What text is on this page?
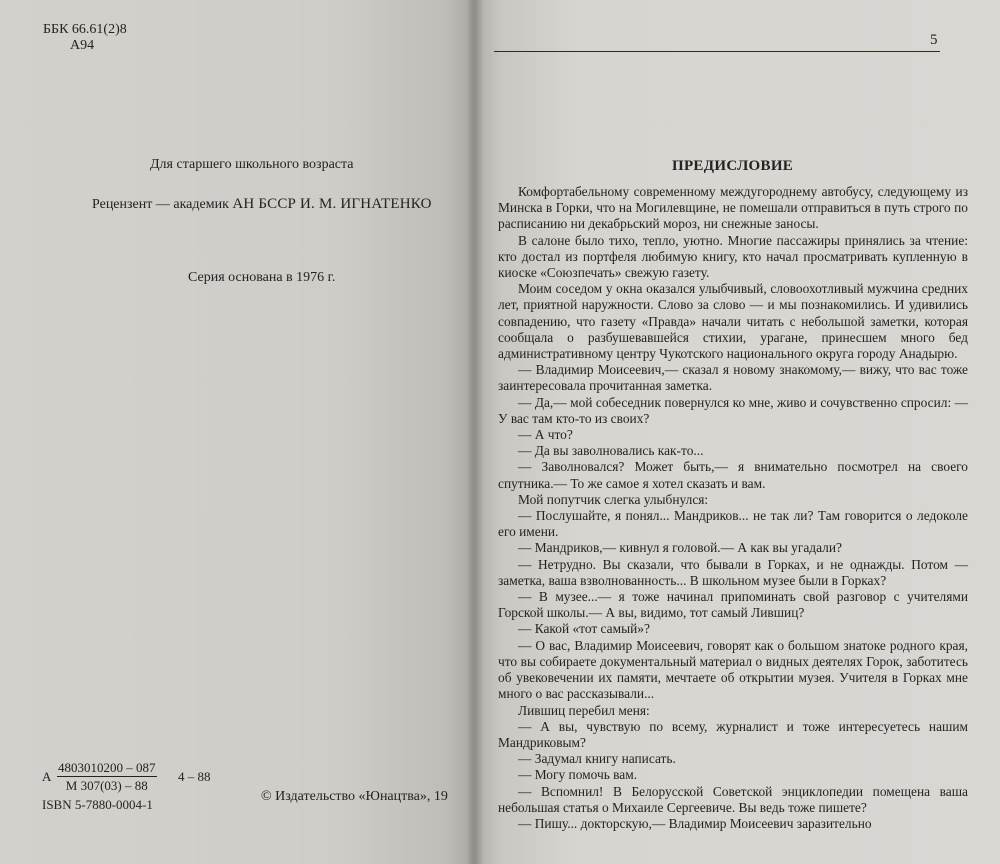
ББК 66.61(2)8
А94
Для старшего школьного возраста
Рецензент — академик АН БССР И. М. ИГНАТЕНКО
Серия основана в 1976 г.
А
4803010200 – 087
М 307(03) – 88
4 – 88
ISBN 5-7880-0004-1
© Издательство «Юнацтва», 19
5
ПРЕДИСЛОВИЕ

Комфортабельному современному междугороднему автобусу, следующему из Минска в Горки, что на Могилевщине, не помешали отправиться в путь строго по расписанию ни декабрьский мороз, ни снежные заносы.

В салоне было тихо, тепло, уютно. Многие пассажиры принялись за чтение: кто достал из портфеля любимую книгу, кто начал просматривать купленную в киоске «Союзпечать» свежую газету.

Моим соседом у окна оказался улыбчивый, словоохотливый мужчина средних лет, приятной наружности. Слово за слово — и мы познакомились. И удивились совпадению, что газету «Правда» начали читать с небольшой заметки, которая сообщала о разбушевавшейся стихии, урагане, принесшем много бед административному центру Чукотского национального округа городу Анадырю.

— Владимир Моисеевич,— сказал я новому знакомому,— вижу, что вас тоже заинтересовала прочитанная заметка.

— Да,— мой собеседник повернулся ко мне, живо и сочувственно спросил: — У вас там кто-то из своих?

— А что?

— Да вы заволновались как-то...

— Заволновался? Может быть,— я внимательно посмотрел на своего спутника.— То же самое я хотел сказать и вам.

Мой попутчик слегка улыбнулся:

— Послушайте, я понял... Мандриков... не так ли? Там говорится о ледоколе его имени.

— Мандриков,— кивнул я головой.— А как вы угадали?

— Нетрудно. Вы сказали, что бывали в Горках, и не однажды. Потом — заметка, ваша взволнованность... В школьном музее были в Горках?

— В музее...— я тоже начинал припоминать свой разговор с учителями Горской школы.— А вы, видимо, тот самый Лившиц?

— Какой «тот самый»?

— О вас, Владимир Моисеевич, говорят как о большом знатоке родного края, что вы собираете документальный материал о видных деятелях Горок, заботитесь об увековечении их памяти, мечтаете об открытии музея. Учителя в Горках мне много о вас рассказывали...

Лившиц перебил меня:

— А вы, чувствую по всему, журналист и тоже интересуетесь нашим Мандриковым?

— Задумал книгу написать.

— Могу помочь вам.

— Вспомнил! В Белорусской Советской энциклопедии помещена ваша небольшая статья о Михаиле Сергеевиче. Вы ведь тоже пишете?

— Пишу... докторскую,— Владимир Моисеевич заразительно
